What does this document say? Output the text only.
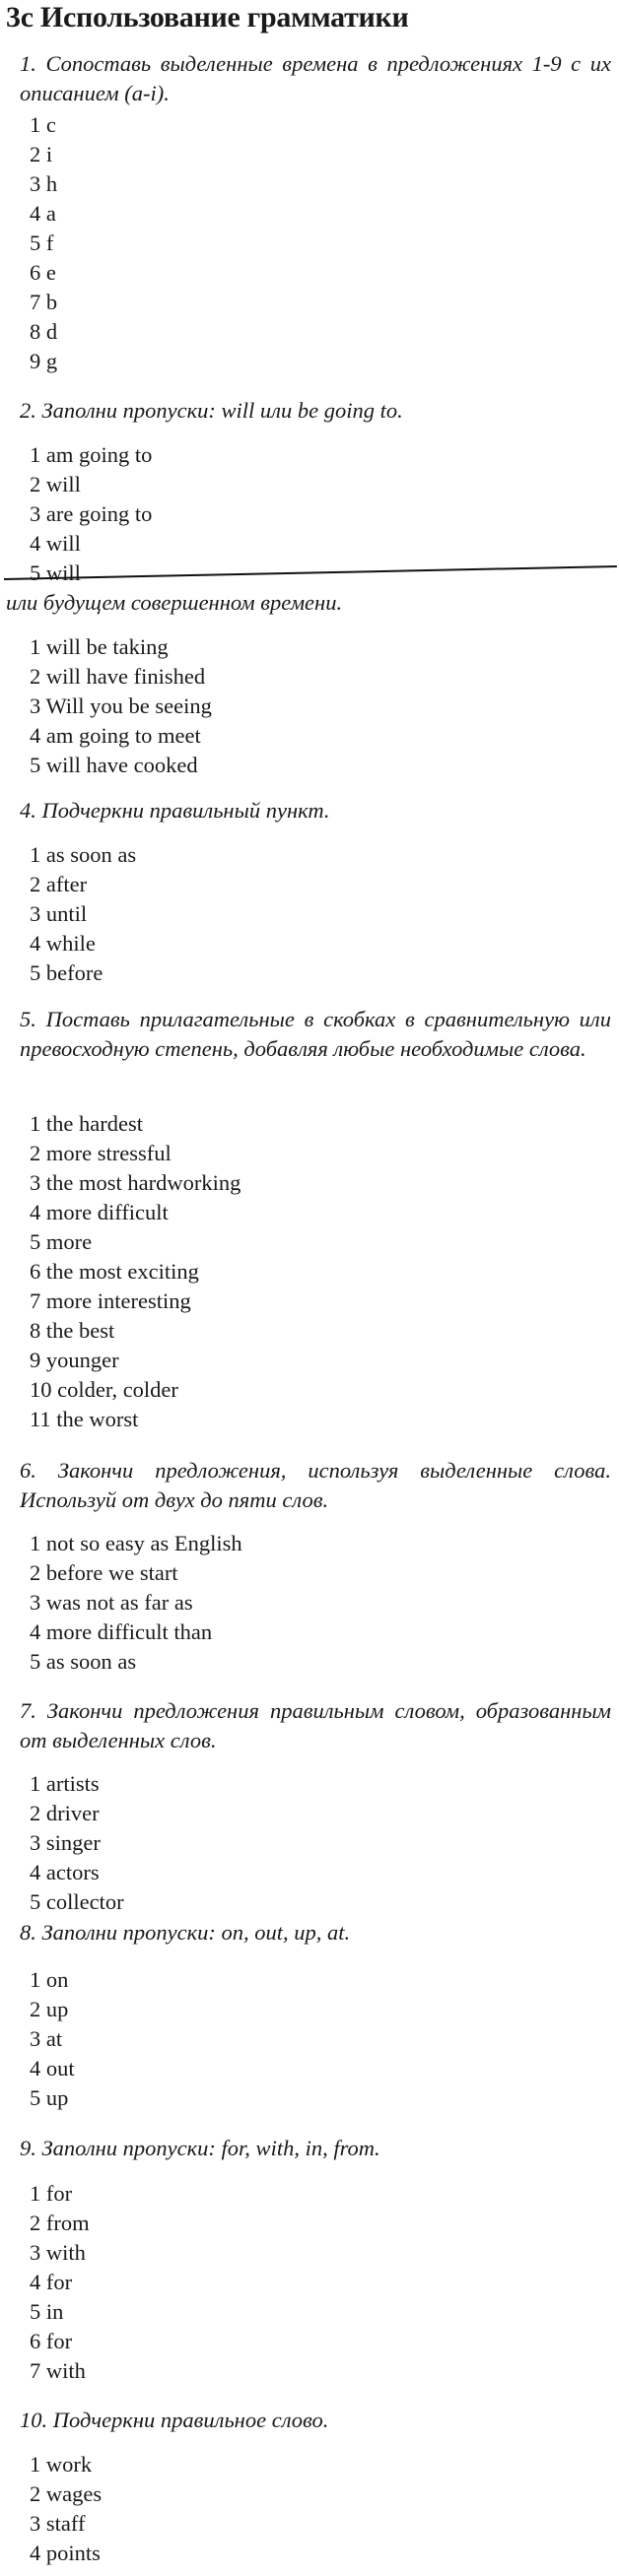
3c Использование грамматики
1. Сопоставь выделенные времена в предложениях 1-9 с их описанием (a-i).
1 c
2 i
3 h
4 a
5 f
6 e
7 b
8 d
9 g
2. Заполни пропуски: will или be going to.
1 am going to
2 will
3 are going to
4 will
5 will
или будущем совершенном времени.
1 will be taking
2 will have finished
3 Will you be seeing
4 am going to meet
5 will have cooked
4. Подчеркни правильный пункт.
1 as soon as
2 after
3 until
4 while
5 before
5. Поставь прилагательные в скобках в сравнительную или превосходную степень, добавляя любые необходимые слова.
1 the hardest
2 more stressful
3 the most hardworking
4 more difficult
5 more
6 the most exciting
7 more interesting
8 the best
9 younger
10 colder, colder
11 the worst
6. Закончи предложения, используя выделенные слова. Используй от двух до пяти слов.
1 not so easy as English
2 before we start
3 was not as far as
4 more difficult than
5 as soon as
7. Закончи предложения правильным словом, образованным от выделенных слов.
1 artists
2 driver
3 singer
4 actors
5 collector
8. Заполни пропуски: on, out, up, at.
1 on
2 up
3 at
4 out
5 up
9. Заполни пропуски: for, with, in, from.
1 for
2 from
3 with
4 for
5 in
6 for
7 with
10. Подчеркни правильное слово.
1 work
2 wages
3 staff
4 points
